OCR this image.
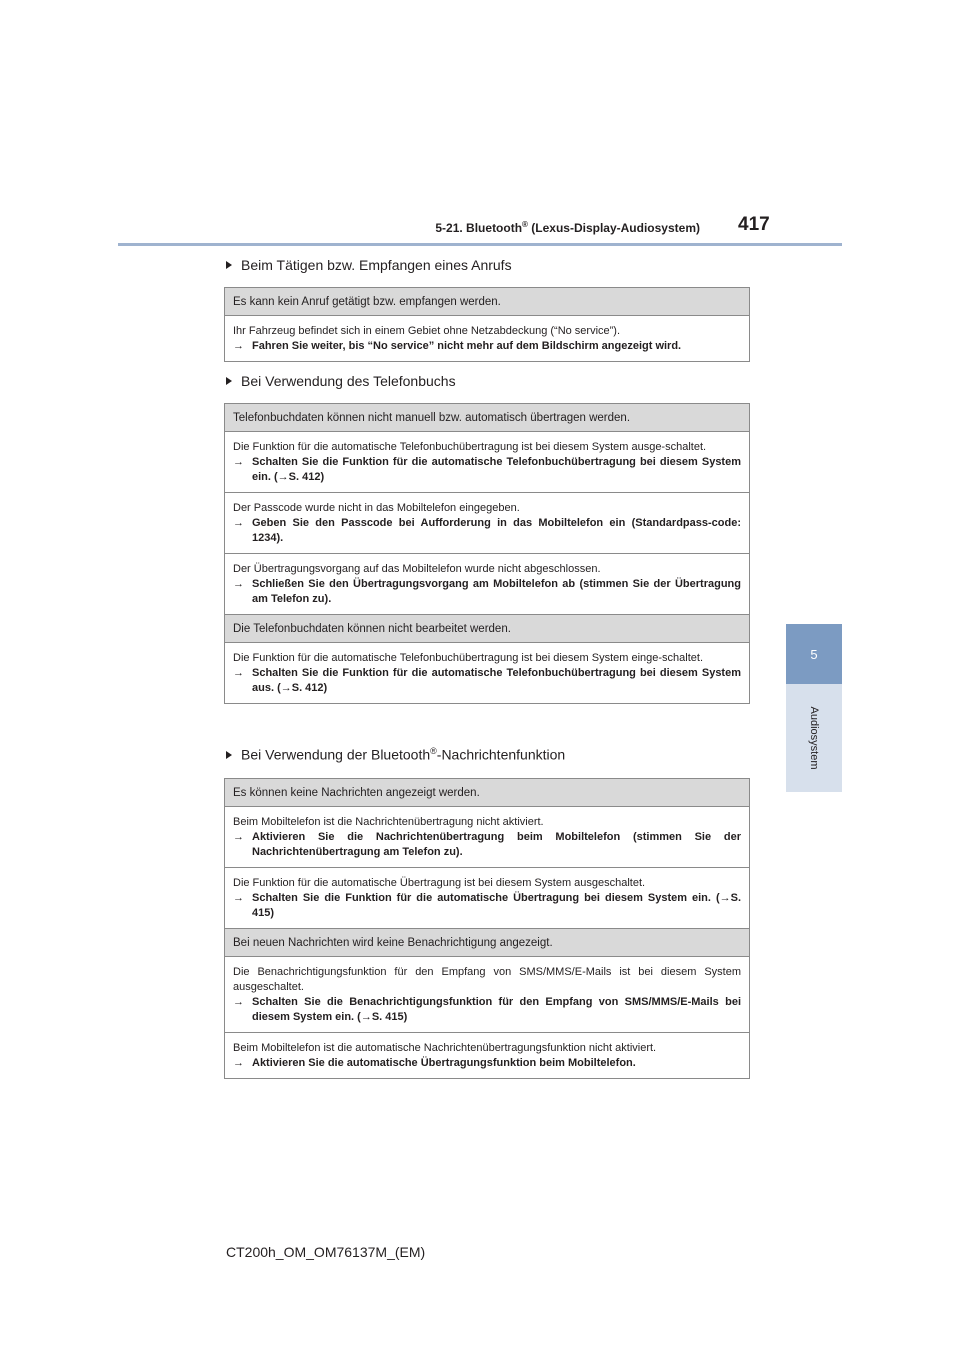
5-21. Bluetooth® (Lexus-Display-Audiosystem) 417
5
Audiosystem
Beim Tätigen bzw. Empfangen eines Anrufs
Es kann kein Anruf getätigt bzw. empfangen werden.
Ihr Fahrzeug befindet sich in einem Gebiet ohne Netzabdeckung (“No service”).
→ Fahren Sie weiter, bis “No service” nicht mehr auf dem Bildschirm angezeigt wird.
Bei Verwendung des Telefonbuchs
Telefonbuchdaten können nicht manuell bzw. automatisch übertragen werden.
Die Funktion für die automatische Telefonbuchübertragung ist bei diesem System ausge-schaltet.
→ Schalten Sie die Funktion für die automatische Telefonbuchübertragung bei diesem System ein. (→S. 412)
Der Passcode wurde nicht in das Mobiltelefon eingegeben.
→ Geben Sie den Passcode bei Aufforderung in das Mobiltelefon ein (Standardpass-code: 1234).
Der Übertragungsvorgang auf das Mobiltelefon wurde nicht abgeschlossen.
→ Schließen Sie den Übertragungsvorgang am Mobiltelefon ab (stimmen Sie der Übertragung am Telefon zu).
Die Telefonbuchdaten können nicht bearbeitet werden.
Die Funktion für die automatische Telefonbuchübertragung ist bei diesem System einge-schaltet.
→ Schalten Sie die Funktion für die automatische Telefonbuchübertragung bei diesem System aus. (→S. 412)
Bei Verwendung der Bluetooth®-Nachrichtenfunktion
Es können keine Nachrichten angezeigt werden.
Beim Mobiltelefon ist die Nachrichtenübertragung nicht aktiviert.
→ Aktivieren Sie die Nachrichtenübertragung beim Mobiltelefon (stimmen Sie der Nachrichtenübertragung am Telefon zu).
Die Funktion für die automatische Übertragung ist bei diesem System ausgeschaltet.
→ Schalten Sie die Funktion für die automatische Übertragung bei diesem System ein. (→S. 415)
Bei neuen Nachrichten wird keine Benachrichtigung angezeigt.
Die Benachrichtigungsfunktion für den Empfang von SMS/MMS/E-Mails ist bei diesem System ausgeschaltet.
→ Schalten Sie die Benachrichtigungsfunktion für den Empfang von SMS/MMS/E-Mails bei diesem System ein. (→S. 415)
Beim Mobiltelefon ist die automatische Nachrichtenübertragungsfunktion nicht aktiviert.
→ Aktivieren Sie die automatische Übertragungsfunktion beim Mobiltelefon.
CT200h_OM_OM76137M_(EM)
